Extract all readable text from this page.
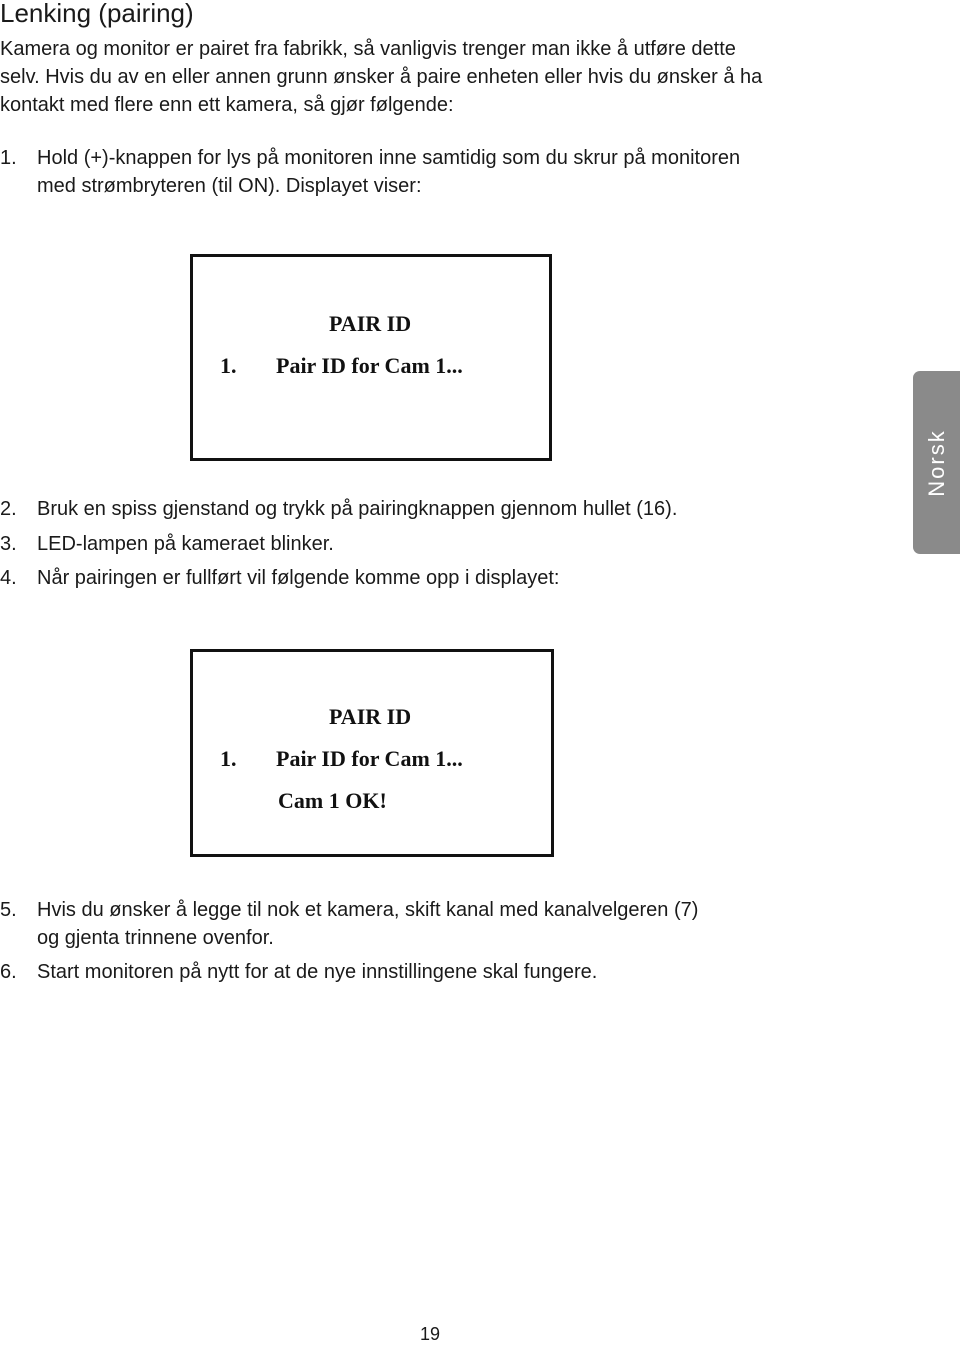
Lenking (pairing)
Kamera og monitor er pairet fra fabrikk, så vanligvis trenger man ikke å utføre dette
selv. Hvis du av en eller annen grunn ønsker å paire enheten eller hvis du ønsker å ha
kontakt med flere enn ett kamera, så gjør følgende:
1. Hold (+)-knappen for lys på monitoren inne samtidig som du skrur på monitoren
med strømbryteren (til ON). Displayet viser:
PAIR ID
1. Pair ID for Cam 1...
2. Bruk en spiss gjenstand og trykk på pairingknappen gjennom hullet (16).
3. LED-lampen på kameraet blinker.
4. Når pairingen er fullført vil følgende komme opp i displayet:
PAIR ID
1. Pair ID for Cam 1...
Cam 1 OK!
5. Hvis du ønsker å legge til nok et kamera, skift kanal med kanalvelgeren (7)
og gjenta trinnene ovenfor.
6. Start monitoren på nytt for at de nye innstillingene skal fungere.
Norsk
19
